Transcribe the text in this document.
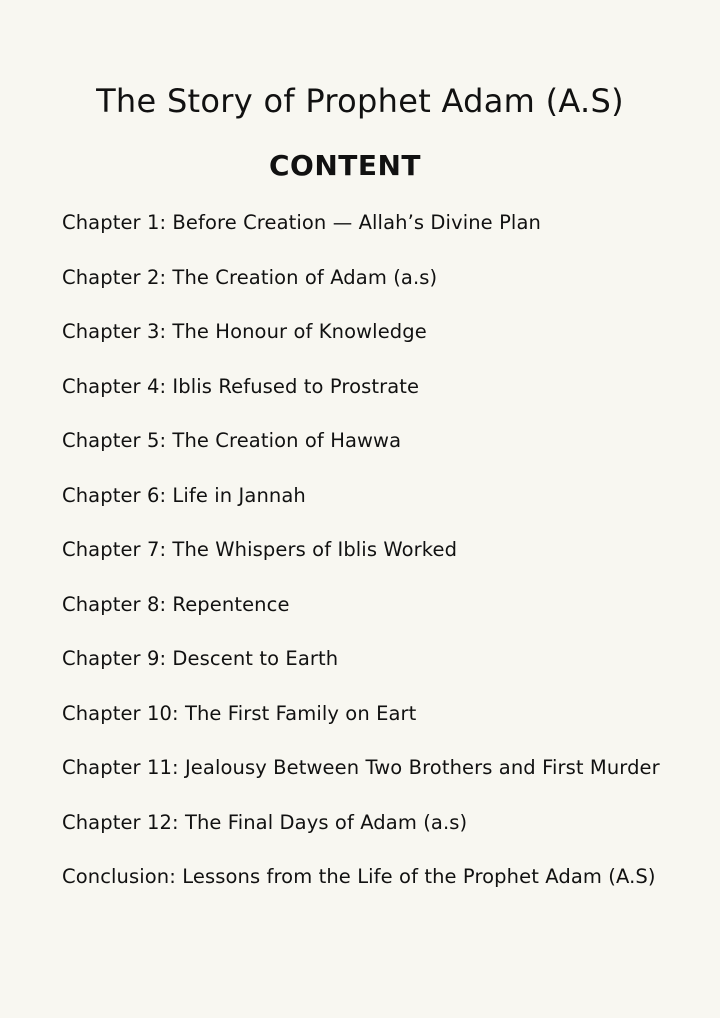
The Story of Prophet Adam (A.S)
CONTENT
Chapter 1: Before Creation — Allah’s Divine Plan
Chapter 2: The Creation of Adam (a.s)
Chapter 3: The Honour of Knowledge
Chapter 4: Iblis Refused to Prostrate
Chapter 5: The Creation of Hawwa
Chapter 6: Life in Jannah
Chapter 7: The Whispers of Iblis Worked
Chapter 8: Repentence
Chapter 9: Descent to Earth
Chapter 10: The First Family on Eart
Chapter 11: Jealousy Between Two Brothers and First Murder
Chapter 12: The Final Days of Adam (a.s)
Conclusion: Lessons from the Life of the Prophet Adam (A.S)
